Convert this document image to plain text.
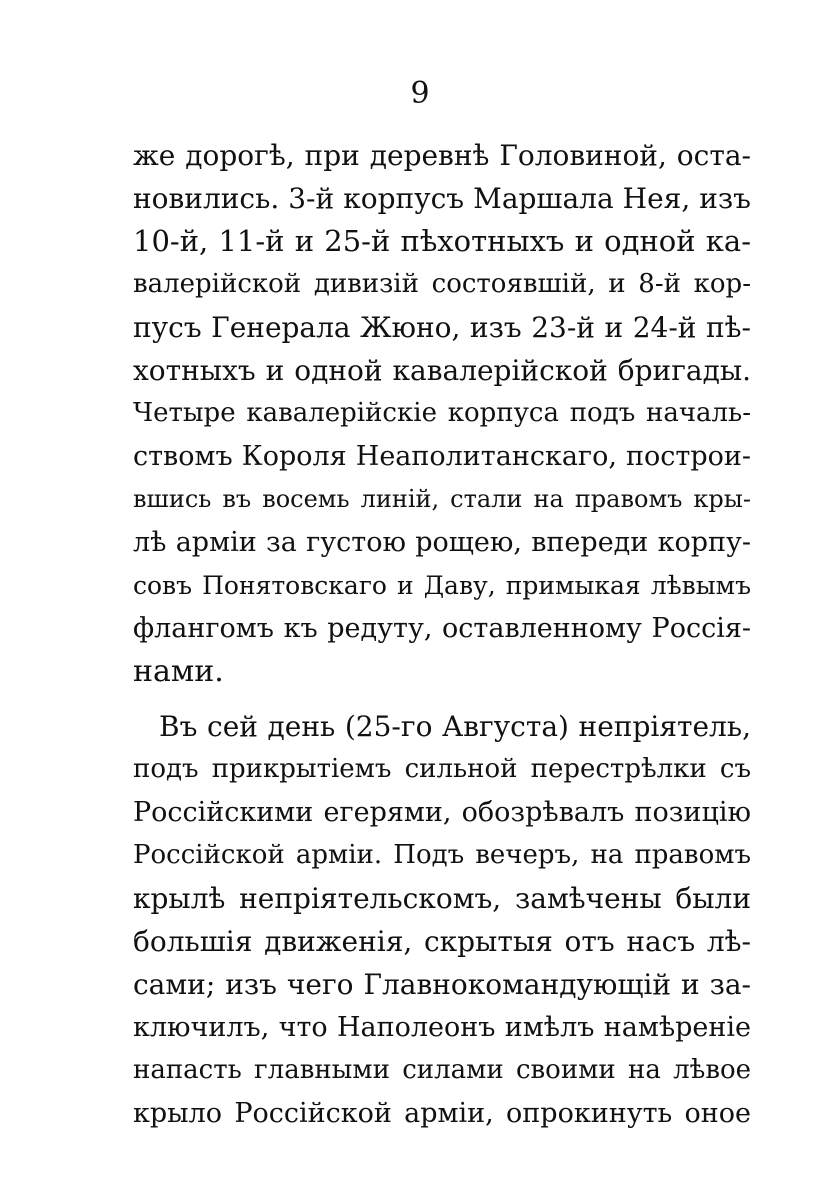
9
же дорогѣ, при деревнѣ Головиной, оста-
новились. 3-й корпусъ Маршала Нея, изъ
10-й, 11-й и 25-й пѣхотныхъ и одной ка-
валерійской дивизій состоявшій, и 8-й кор-
пусъ Генерала Жюно, изъ 23-й и 24-й пѣ-
хотныхъ и одной кавалерійской бригады.
Четыре кавалерійскіе корпуса подъ началь-
ствомъ Короля Неаполитанскаго, построи-
вшись въ восемь линій, стали на правомъ кры-
лѣ арміи за густою рощею, впереди корпу-
совъ Понятовскаго и Даву, примыкая лѣвымъ
флангомъ къ редуту, оставленному Россія-
нами.
Въ сей день (25-го Августа) непріятель,
подъ прикрытіемъ сильной перестрѣлки съ
Россійскими егерями, обозрѣвалъ позицію
Россійской арміи. Подъ вечеръ, на правомъ
крылѣ непріятельскомъ, замѣчены были
большія движенія, скрытыя отъ насъ лѣ-
сами; изъ чего Главнокомандующій и за-
ключилъ, что Наполеонъ имѣлъ намѣреніе
напасть главными силами своими на лѣвое
крыло Россійской арміи, опрокинуть оное
